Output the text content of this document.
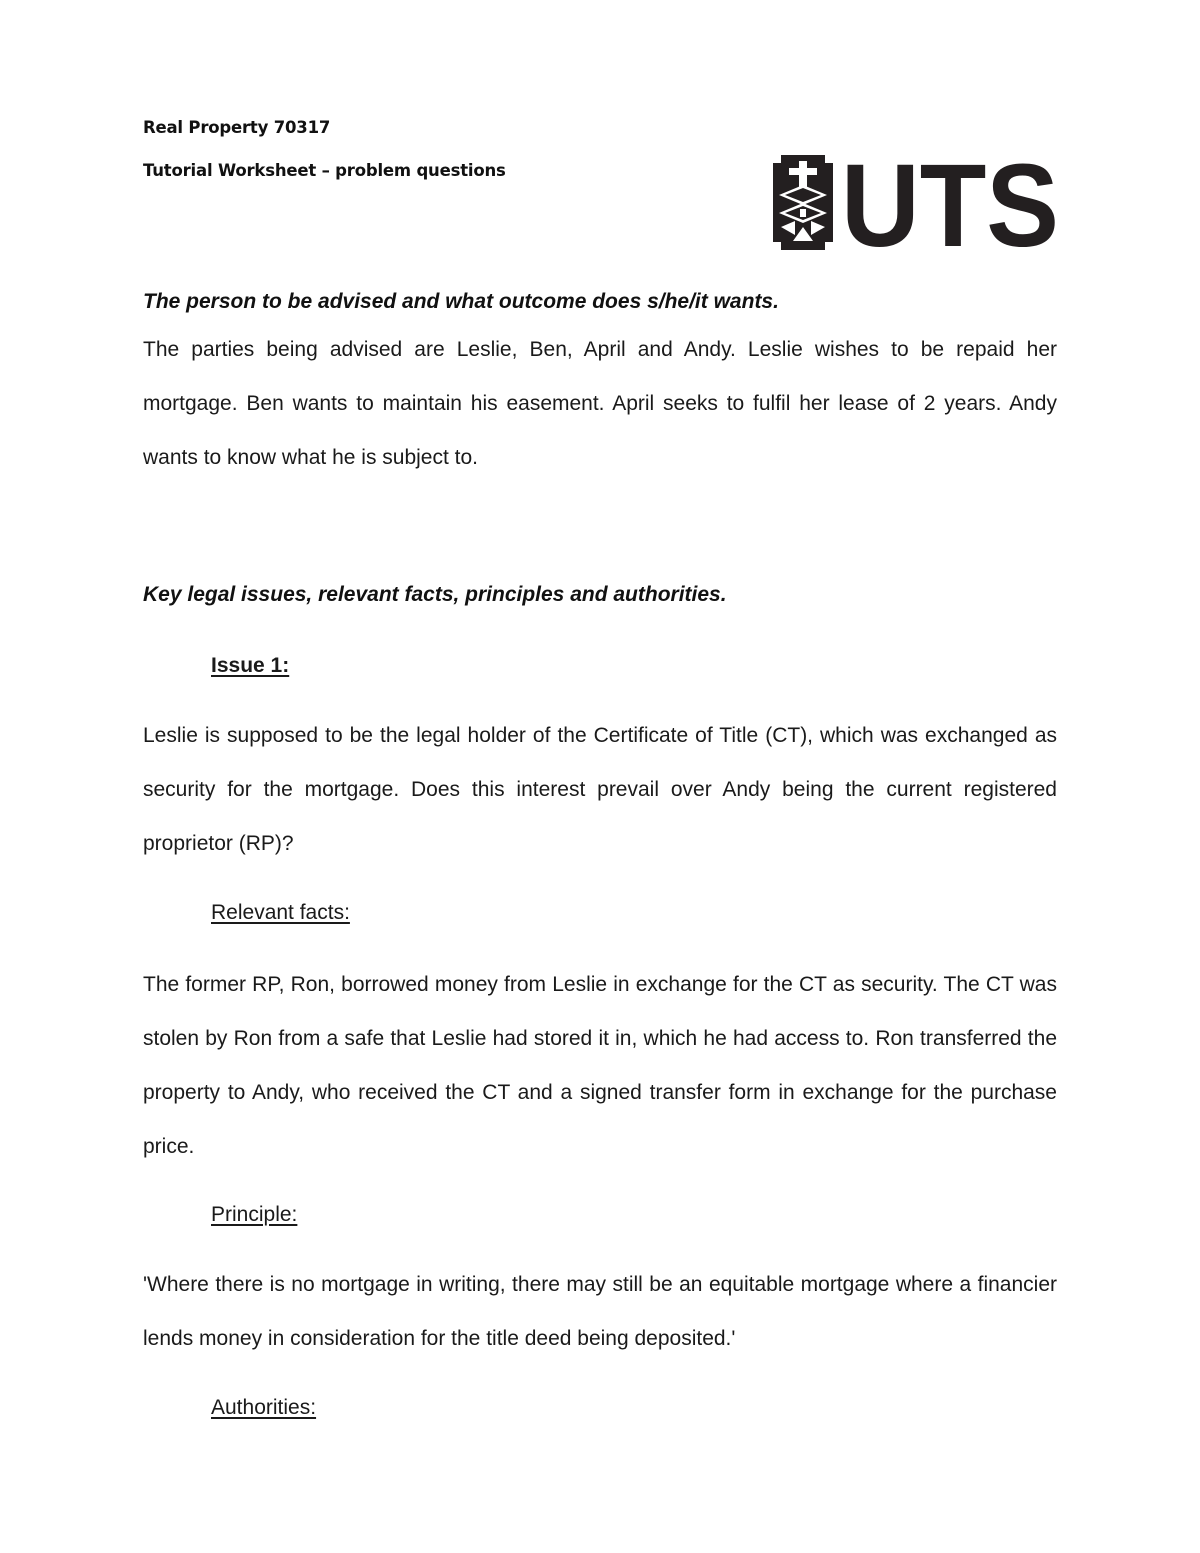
Real Property 70317

Tutorial Worksheet – problem questions	UTS

The person to be advised and what outcome does s/he/it wants.

The parties being advised are Leslie, Ben, April and Andy. Leslie wishes to be repaid her mortgage. Ben wants to maintain his easement. April seeks to fulfil her lease of 2 years. Andy wants to know what he is subject to.

Key legal issues, relevant facts, principles and authorities.

Issue 1:

Leslie is supposed to be the legal holder of the Certificate of Title (CT), which was exchanged as security for the mortgage. Does this interest prevail over Andy being the current registered proprietor (RP)?

Relevant facts:

The former RP, Ron, borrowed money from Leslie in exchange for the CT as security. The CT was stolen by Ron from a safe that Leslie had stored it in, which he had access to. Ron transferred the property to Andy, who received the CT and a signed transfer form in exchange for the purchase price.

Principle:

'Where there is no mortgage in writing, there may still be an equitable mortgage where a financier lends money in consideration for the title deed being deposited.'

Authorities:
